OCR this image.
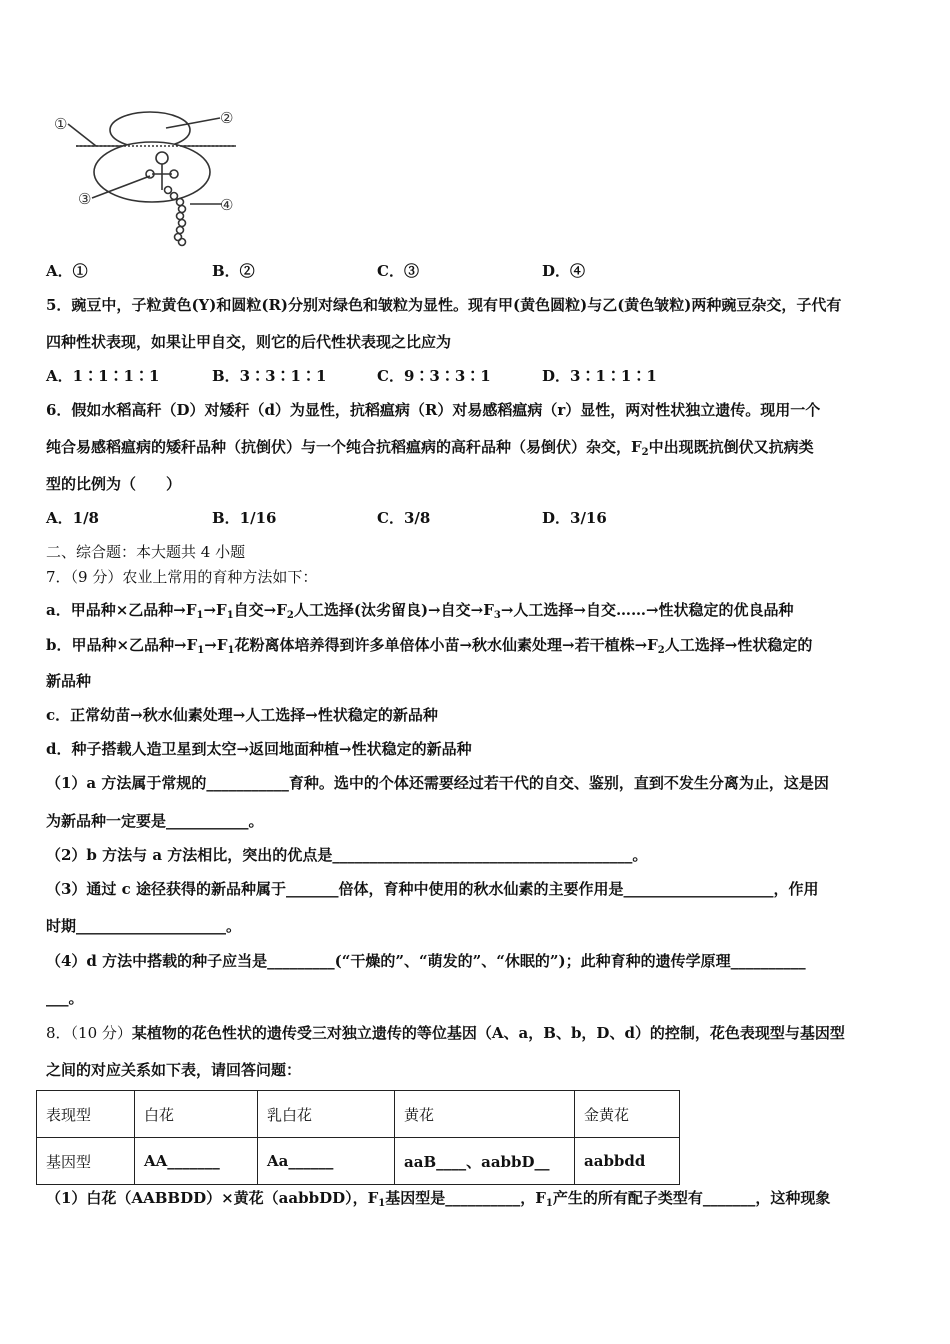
①	②
③	④
A．①	B．②	C．③	D．④
5．豌豆中，子粒黄色(Y)和圆粒(R)分别对绿色和皱粒为显性。现有甲(黄色圆粒)与乙(黄色皱粒)两种豌豆杂交，子代有
四种性状表现，如果让甲自交，则它的后代性状表现之比应为
A．1∶1∶1∶1	B．3∶3∶1∶1	C．9∶3∶3∶1	D．3∶1∶1∶1
6．假如水稻高秆（D）对矮秆（d）为显性，抗稻瘟病（R）对易感稻瘟病（r）显性，两对性状独立遗传。现用一个
纯合易感稻瘟病的矮秆品种（抗倒伏）与一个纯合抗稻瘟病的高秆品种（易倒伏）杂交，$F_2$中出现既抗倒伏又抗病类
型的比例为（　　）
A．1/8	B．1/16	C．3/8	D．3/16
二、综合题：本大题共 4 小题
7．（9 分）农业上常用的育种方法如下：
a．甲品种×乙品种$\to F_1\to F_1$自交$\to F_2$人工选择(汰劣留良)→自交$\to F_3\to$人工选择→自交……→性状稳定的优良品种
b．甲品种×乙品种$\to F_1\to F_1$花粉离体培养得到许多单倍体小苗→秋水仙素处理→若干植株$\to F_2$人工选择→性状稳定的
新品种
c．正常幼苗→秋水仙素处理→人工选择→性状稳定的新品种
d．种子搭载人造卫星到太空→返回地面种植→性状稳定的新品种
（1）a 方法属于常规的___________育种。选中的个体还需要经过若干代的自交、鉴别，直到不发生分离为止，这是因
为新品种一定要是___________。
（2）b 方法与 a 方法相比，突出的优点是________________________________________。
（3）通过 c 途径获得的新品种属于_______倍体，育种中使用的秋水仙素的主要作用是____________________，作用
时期____________________。
（4）d 方法中搭载的种子应当是_________(“干燥的”、“萌发的”、“休眠的”)；此种育种的遗传学原理__________
___。
8．（10 分）某植物的花色性状的遗传受三对独立遗传的等位基因（A、a，B、b，D、d）的控制，花色表现型与基因型
之间的对应关系如下表，请回答问题：
表现型	白花	乳白花	黄花	金黄花
基因型	AA_______	Aa______	aaB____、aabbD__	aabbdd
（1）白花（AABBDD）×黄花（aabbDD），$F_1$基因型是__________，$F_1$产生的所有配子类型有_______，这种现象
